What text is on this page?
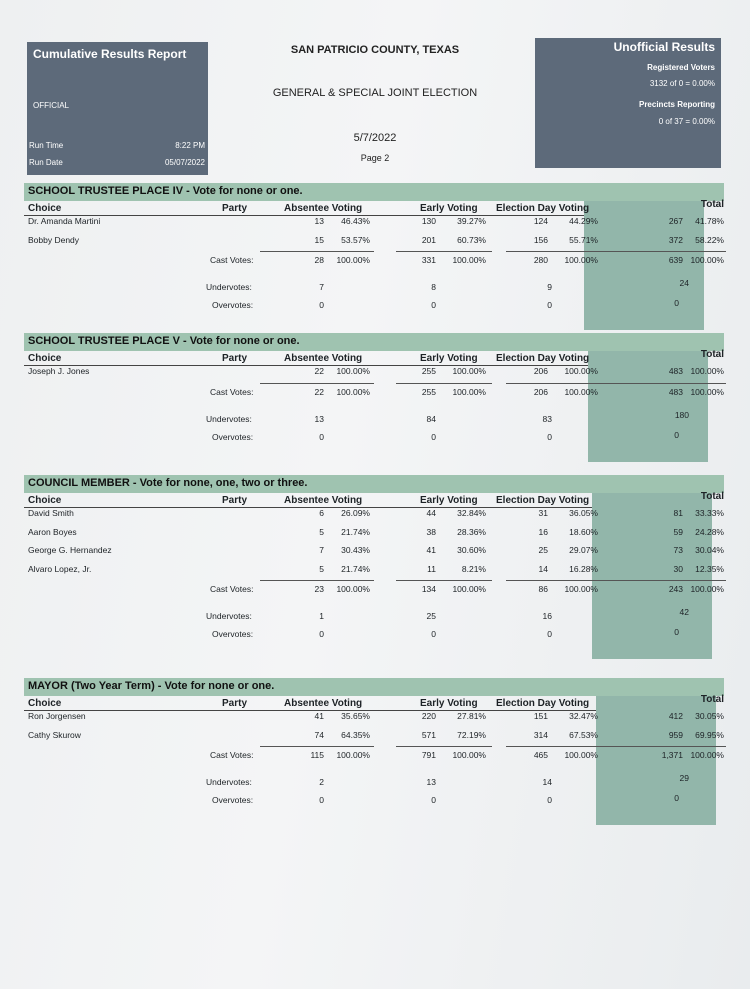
Cumulative Results Report
OFFICIAL
Run Time	8:22 PM
Run Date	05/07/2022
SAN PATRICIO COUNTY, TEXAS
GENERAL & SPECIAL JOINT ELECTION
5/7/2022
Page 2
Unofficial Results
Registered Voters
3132 of 0 = 0.00%
Precincts Reporting
0 of 37 = 0.00%
SCHOOL TRUSTEE PLACE IV - Vote for none or one.
Choice	Party	Absentee Voting	Early Voting Election Day Voting	Total
Dr. Amanda Martini	13	46.43%	130	39.27%	124	44.29%	267	41.78%
Bobby Dendy	15	53.57%	201	60.73%	156	55.71%	372	58.22%
Cast Votes:	28	100.00%	331	100.00%	280	100.00%	639 100.00%
Undervotes:	7	8	9	24
Overvotes:	0	0	0	0
SCHOOL TRUSTEE PLACE V - Vote for none or one.
Choice	Party	Absentee Voting	Early Voting Election Day Voting	Total
Joseph J. Jones	22	100.00%	255	100.00%	206	100.00%	483 100.00%
Cast Votes:	22	100.00%	255	100.00%	206	100.00%	483 100.00%
Undervotes:	13	84	83	180
Overvotes:	0	0	0	0
COUNCIL MEMBER - Vote for none, one, two or three.
Choice	Party	Absentee Voting	Early Voting Election Day Voting	Total
David Smith	6	26.09%	44	32.84%	31	36.05%	81	33.33%
Aaron Boyes	5	21.74%	38	28.36%	16	18.60%	59	24.28%
George G. Hernandez	7	30.43%	41	30.60%	25	29.07%	73	30.04%
Alvaro Lopez, Jr.	5	21.74%	11	8.21%	14	16.28%	30	12.35%
Cast Votes:	23	100.00%	134	100.00%	86	100.00%	243 100.00%
Undervotes:	1	25	16	42
Overvotes:	0	0	0	0
MAYOR (Two Year Term) - Vote for none or one.
Choice	Party	Absentee Voting	Early Voting Election Day Voting	Total
Ron Jorgensen	41	35.65%	220	27.81%	151	32.47%	412	30.05%
Cathy Skurow	74	64.35%	571	72.19%	314	67.53%	959	69.95%
Cast Votes:	115	100.00%	791	100.00%	465	100.00%	1,371 100.00%
Undervotes:	2	13	14	29
Overvotes:	0	0	0	0
